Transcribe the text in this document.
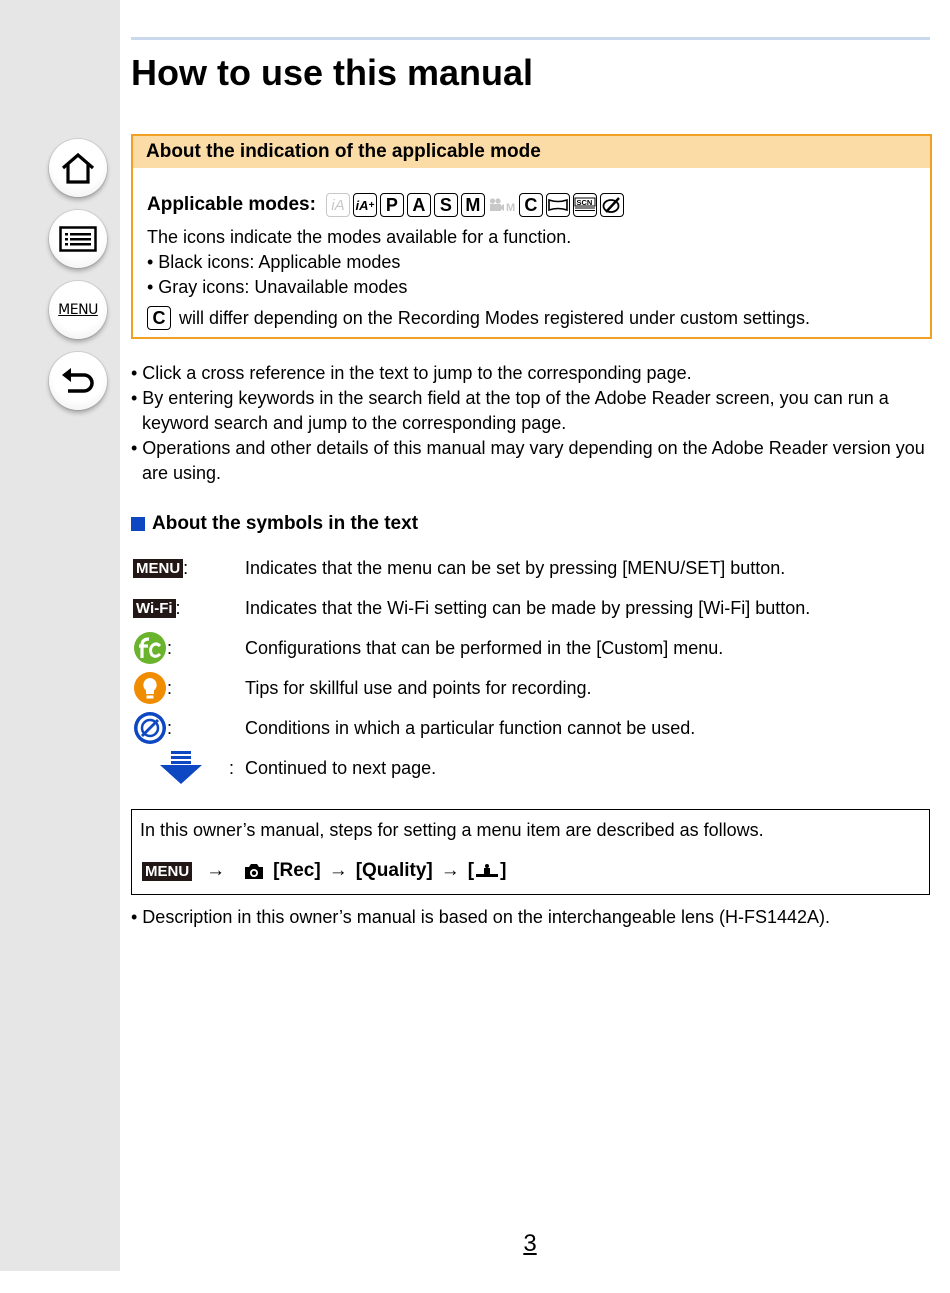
MENU
How to use this manual
About the indication of the applicable mode
Applicable modes:	iA iA + P A S M	M C	SCN
The icons indicate the modes available for a function.
• Black icons: Applicable modes
• Gray icons: Unavailable modes
C will differ depending on the Recording Modes registered under custom settings.
• Click a cross reference in the text to jump to the corresponding page.
• By entering keywords in the search field at the top of the Adobe Reader screen, you can run a keyword search and jump to the corresponding page.
• Operations and other details of this manual may vary depending on the Adobe Reader version you are using.
About the symbols in the text
MENU :	Indicates that the menu can be set by pressing [MENU/SET] button.
Wi-Fi :	Indicates that the Wi-Fi setting can be made by pressing [Wi-Fi] button.
:	Configurations that can be performed in the [Custom] menu.
:	Tips for skillful use and points for recording.
:	Conditions in which a particular function cannot be used.
: Continued to next page.
In this owner’s manual, steps for setting a menu item are described as follows.
MENU →	[Rec] → [Quality] → [ ]
• Description in this owner’s manual is based on the interchangeable lens (H-FS1442A).
3
